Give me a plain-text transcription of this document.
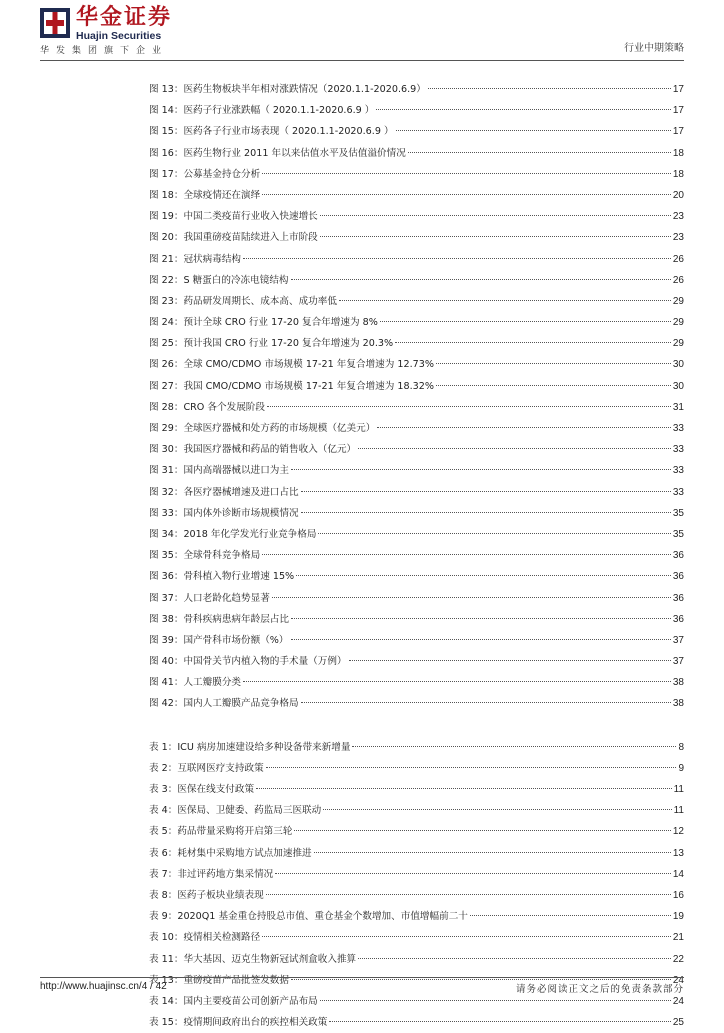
华金证券
Huajin Securities
华发集团旗下企业	行业中期策略
图 13：医药生物板块半年相对涨跌情况（2020.1.1-2020.6.9）	17
图 14：医药子行业涨跌幅（ 2020.1.1-2020.6.9 ）	17
图 15：医药各子行业市场表现（ 2020.1.1-2020.6.9 ）	17
图 16：医药生物行业 2011 年以来估值水平及估值溢价情况	18
图 17：公募基金持仓分析	18
图 18：全球疫情还在演绎	20
图 19：中国二类疫苗行业收入快速增长	23
图 20：我国重磅疫苗陆续进入上市阶段	23
图 21：冠状病毒结构	26
图 22：S 糖蛋白的冷冻电镜结构	26
图 23：药品研发周期长、成本高、成功率低	29
图 24：预计全球 CRO 行业 17-20 复合年增速为 8%	29
图 25：预计我国 CRO 行业 17-20 复合年增速为 20.3%	29
图 26：全球 CMO/CDMO 市场规模 17-21 年复合增速为 12.73%	30
图 27：我国 CMO/CDMO 市场规模 17-21 年复合增速为 18.32%	30
图 28：CRO 各个发展阶段	31
图 29：全球医疗器械和处方药的市场规模（亿美元）	33
图 30：我国医疗器械和药品的销售收入（亿元）	33
图 31：国内高端器械以进口为主	33
图 32：各医疗器械增速及进口占比	33
图 33：国内体外诊断市场规模情况	35
图 34：2018 年化学发光行业竞争格局	35
图 35：全球骨科竞争格局	36
图 36：骨科植入物行业增速 15%	36
图 37：人口老龄化趋势显著	36
图 38：骨科疾病患病年龄层占比	36
图 39：国产骨科市场份额（%）	37
图 40：中国骨关节内植入物的手术量（万例）	37
图 41：人工瓣膜分类	38
图 42：国内人工瓣膜产品竞争格局	38
表 1：ICU 病房加速建设给多种设备带来新增量	8
表 2：互联网医疗支持政策	9
表 3：医保在线支付政策	11
表 4：医保局、卫健委、药监局三医联动	11
表 5：药品带量采购将开启第三轮	12
表 6：耗材集中采购地方试点加速推进	13
表 7：非过评药地方集采情况	14
表 8：医药子板块业绩表现	16
表 9：2020Q1 基金重仓持股总市值、重仓基金个数增加、市值增幅前二十	19
表 10：疫情相关检测路径	21
表 11：华大基因、迈克生物新冠试剂盒收入推算	22
表 13：重磅疫苗产品批签发数据	24
表 14：国内主要疫苗公司创新产品布局	24
表 15：疫情期间政府出台的疾控相关政策	25
http://www.huajinsc.cn/4 / 42	请务必阅读正文之后的免责条款部分
